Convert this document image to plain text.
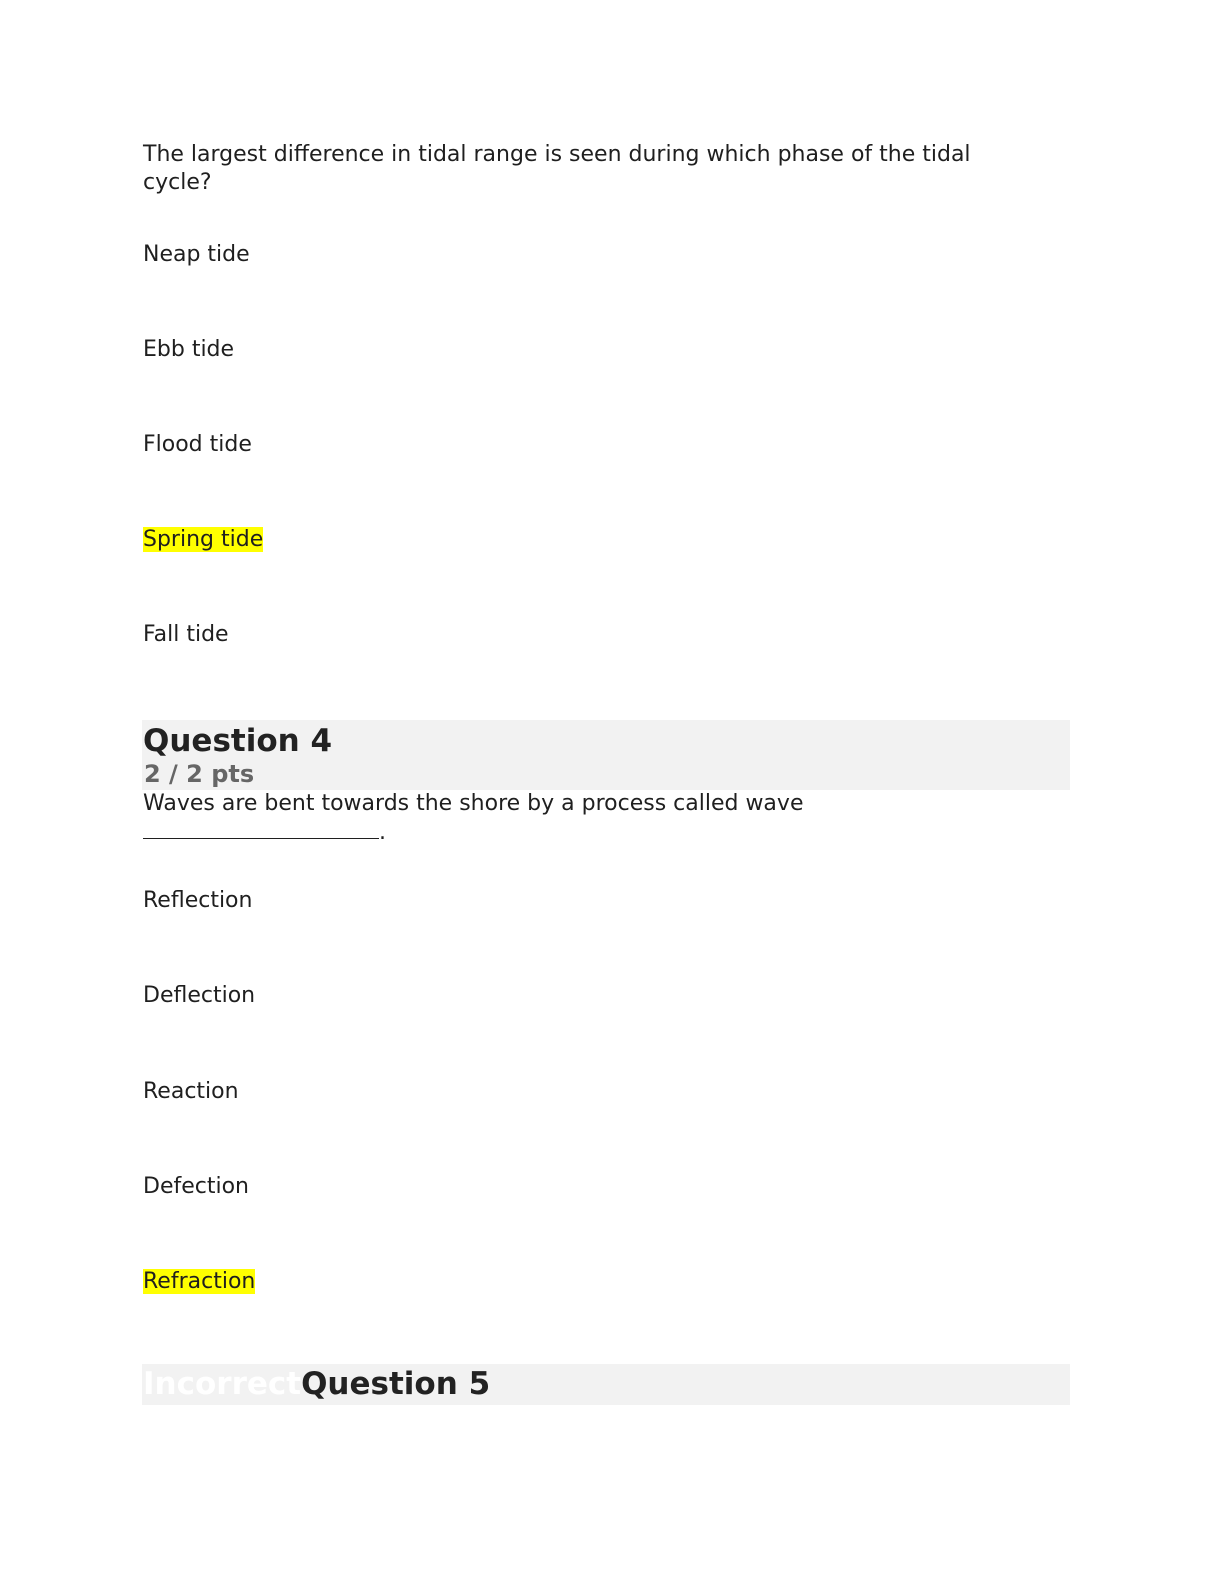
The largest difference in tidal range is seen during which phase of the tidal cycle?
Neap tide
Ebb tide
Flood tide
Spring tide
Fall tide
Question 4
2 / 2 pts
Waves are bent towards the shore by a process called wave
.
Reflection
Deflection
Reaction
Defection
Refraction
IncorrectQuestion 5
